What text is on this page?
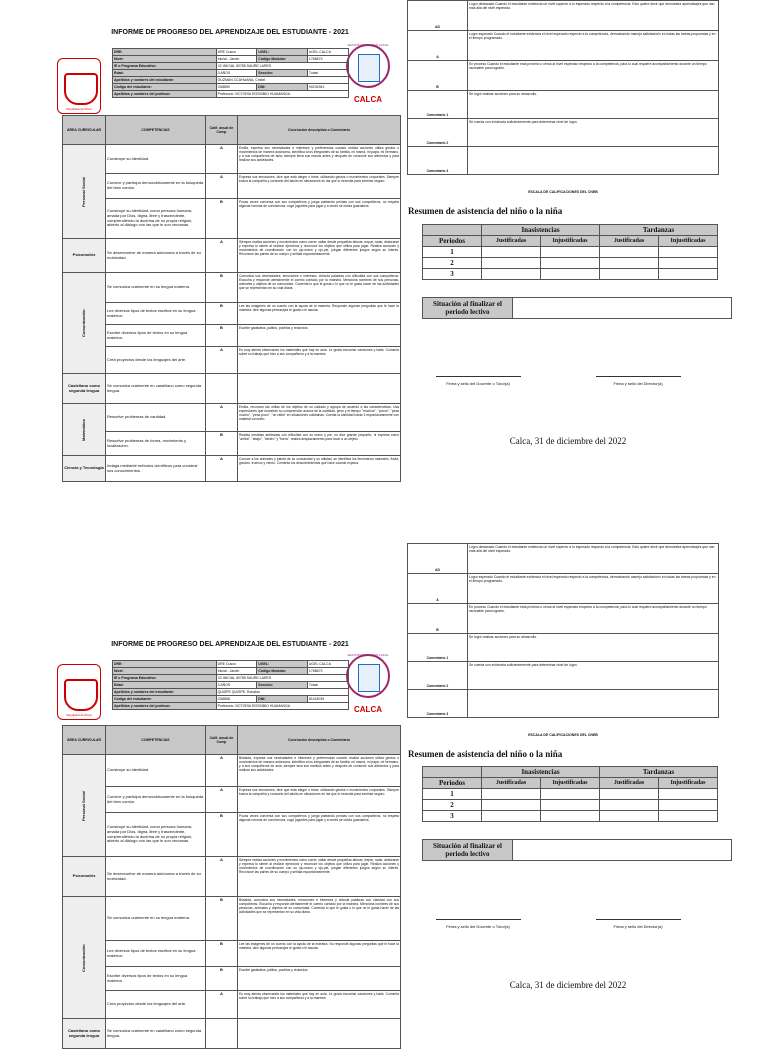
INFORME DE PROGRESO DEL APRENDIZAJE DEL ESTUDIANTE - 2021
República del Perú
GESTIÓN EDUCATIVA LOCAL
CALCA
DRE:	DRE Cusco	UGEL:	UGEL CALCA
Nivel:	Inicial - Jardín	Código Modular:	1768673
IE o Programa Educativo:	I.E.INICIAL 50785 SAURE LARES		
Edad:	3 AÑOS	Sección:	Tulasi
Apellidos y nombres del estudiante:	GUZMAN CCAHUANA, Cristel		
Código del estudiante:	C68859	DNI:	90234941
Apellidos y nombres del profesor:	Profesora: VICTORIA ROSSIBIO HUAMANGA		
ÁREA CURRICULAR	COMPETENCIAS	Calif. anual de Comp	Conclusión descriptiva o Comentario
Personal Social	Construye su identidad.	A	Emilia, expresa sus necesidades e intereses y preferencias cuando realiza acciones utiliza gestos o movimientos de manera autónoma, identifica a los integrantes de su familia, mi mamá, mi papá, mi hermano, y a sus compañeros de aula, siempre lleva sus manos antes y después de consumir sus alimentos y para realizar sus actividades.
	Convive y participa democráticamente en la búsqueda del bien común.	A	Expresa sus emociones, dice que está alegre o triste, utilizando gestos o movimientos corporales. Siempre busca la compañía y consuelo del adulto en situaciones en las que lo necesita para sentirse seguro.
	Construye su identidad, como persona humana, amada por Dios, digna, libre y trascendente, comprendiendo la doctrina de su propia religión, abierto al diálogo con las que le son cercanas.	B	Pocas veces conversa con sus compañeros y juega pateando pelotas con sus compañeros, no respeta algunas normas de convivencia, coge juguetes para jugar y a veces se olvida guardarlos.
Psicomotriz	Se desenvuelve de manera autónoma a través de su motricidad.	A	Siempre realiza acciones y movimientos como correr, saltar desde pequeñas alturas, trepar, rodar, deslizarse y expresa lo siente al realizar ejercicios y reconoce los objetos que utiliza para jugar. Realiza acciones y movimientos de coordinación con su ojo-mano y ojo-pie, juegan diferentes juegos según su interés. Reconoce las partes de su cuerpo y señala espontáneamente.
Comunicación	Se comunica oralmente en su lengua materna.	B	Comunica sus necesidades, emociones e intereses. Articula palabras con dificultad con sus compañeros. Escucha y responde atentamente el cuento contado por la maestra. Menciona nombres de sus personas, animales y objetos de su comunidad. Comenta lo que le gusta o lo que no le gusta hacer de las actividades que se representan en su vida diaria.
	Lee diversos tipos de textos escritos en su lengua materna.	B	Lee las imágenes de un cuento con la ayuda de la maestra. Responde algunas preguntas que le hace la maestra. dice algunas personajes le gusta o le asusta.
	Escribe diversos tipos de textos en su lengua materna.	B	Escribe garabatos, palitos, puntitos y redondos
	Crea proyectos desde los lenguajes del arte.	A	Es muy atenta observando los materiales que hay en aula. Le gusta escuchar canciones y baila. Comenta sobre su trabajo que hizo a sus compañeros y a la maestra
Castellano como segunda lengua	Se comunica oralmente en castellano como segunda lengua.		
Matemática	Resuelve problemas de cantidad.	A	Emilia, reconoce las orillas de los objetos de su cuidado y agrupa de acuerdo a las características. Usa expresiones que muestran su comprensión acerca de la cantidad, peso y el tiempo "muchos", "pocos", "pesa mucho", "pesa poco", "un ratito" en situaciones cotidianas. Cuenta la cantidad hasta 3 espontáneamente con material concreto.
	Resuelve problemas de forma, movimiento y localización.	B	Realiza medidas arbitrarias con dificultad con su mano y pie, no dice grande pequeño, ni expresa como "arriba", "abajo", "dentro" y "fuera", realiza desplazamiento para tocar a un objeto.
Ciencia y Tecnología	Indaga mediante métodos científicos para construir sus conocimientos.	A	Conoce a los animales y planta de su comunidad y su utilidad, se identifica los fenómenos naturales, lluvia, granizo, truenos y viento. Comenta los descubrimientos que hace cuando explora.
AD	Logro destacado Cuando el estudiante evidencia un nivel superior a lo esperado respecto a la competencia. Esto quiere decir que demuestra aprendizajes que van más allá del nivel esperado.
A	Logro esperado Cuando el estudiante evidencia el nivel esperado respecto a la competencia, demostrando manejo satisfactorio en todas las tareas propuestas y en el tiempo programado.
B	En proceso Cuando el estudiante está próximo o cerca al nivel esperado respecto a la competencia, para lo cual requiere acompañamiento durante un tiempo razonable para lograrlo.
Comentario 1	Se logró realizar acciones para su desarrollo.
Comentario 2	Se cuenta con evidencia suficientemente para determinar nivel de logro.
Comentario 3	
ESCALA DE CALIFICACIONES DEL CNEB
Resumen de asistencia del niño o la niña
	Inasistencias		Tardanzas	
Periodos	Justificadas	Injustificadas	Justificadas	Injustificadas
1				
2				
3				
Situación al finalizar el periodo lectivo	
Firma y sello del Docente o Tutor(a)	Firma y sello del Director(a)
Calca, 31 de diciembre del 2022
INFORME DE PROGRESO DEL APRENDIZAJE DEL ESTUDIANTE - 2021
República del Perú
GESTIÓN EDUCATIVA LOCAL
CALCA
DRE:	DRE Cusco	UGEL:	UGEL CALCA
Nivel:	Inicial - Jardín	Código Modular:	1768673
IE o Programa Educativo:	I.E.INICIAL 50785 SAURE LARES		
Edad:	3 AÑOS	Sección:	Tulasi
Apellidos y nombres del estudiante:	QUISPE QUISPE, Ronaldo		
Código del estudiante:	C68858	DNI:	81163035
Apellidos y nombres del profesor:	Profesora: VICTORIA ROSSIBIO HUAMANGA		
ÁREA CURRICULAR	COMPETENCIAS	Calif. anual de Comp	Conclusión descriptiva o Comentario
Personal Social	Construye su identidad.	A	Brisaida, expresa sus necesidades e intereses y preferencias cuando realiza acciones utiliza gestos o movimientos de manera autónoma, identifica a los integrantes de su familia, mi mamá, mi papá, mi hermano, y a sus compañeros de aula, siempre lava sus manitos antes y después de consumir sus alimentos y para realizar sus actividades.
	Convive y participa democráticamente en la búsqueda del bien común.	A	Expresa sus emociones, dice que está alegre o triste, utilizando gestos o movimientos corporales. Siempre busca la compañía y consuelo del adulto en situaciones en las que lo necesita para sentirse seguro.
	Construye su identidad, como persona humana, amada por Dios, digna, libre y trascendente, comprendiendo la doctrina de su propia religión, abierto al diálogo con las que le son cercanas.	B	Pocas veces conversa con sus compañeros y juega pateando pelotas con sus compañeros, no respeta algunas normas de convivencia, coge juguetes para jugar y a veces se olvida guardarlos.
Psicomotriz	Se desenvuelve de manera autónoma a través de su motricidad.	A	Siempre realiza acciones y movimientos como correr, saltar desde pequeñas alturas, trepar, rodar, deslizarse y expresa lo siente al realizar ejercicios y reconoce los objetos que utiliza para jugar. Realiza acciones y movimientos de coordinación con su ojo-mano y ojo-pie, juegan diferentes juegos según su interés. Reconoce las partes de su cuerpo y señala espontáneamente.
Comunicación	Se comunica oralmente en su lengua materna.	B	Brisaida, comunica sus necesidades, emociones e intereses y articula palabras con claridad con sus compañeras. Escucha y responde atentamente el cuento contado por la maestra. Menciona nombres de sus personas, animales y objetos de su comunidad. Comenta lo que le gusta o lo que no le gusta hacer de las actividades que se representan en su vida diaria.
	Lee diversos tipos de textos escritos en su lengua materna.	B	Lee las imágenes de un cuento con la ayuda de la maestra. No responde algunas preguntas que le hace la maestra. dice algunas personajes le gusta o le asusta.
	Escribe diversos tipos de textos en su lengua materna.	B	Escribe garabatos, palitos, puntitos y redondos
	Crea proyectos desde los lenguajes del arte.	A	Es muy atenta observando los materiales que hay en aula. Le gusta escuchar canciones y baila. Comenta sobre su trabajo que hizo a sus compañeros y a la maestra
Castellano como segunda lengua	Se comunica oralmente en castellano como segunda lengua.		
AD	Logro destacado Cuando el estudiante evidencia un nivel superior a lo esperado respecto a la competencia. Esto quiere decir que demuestra aprendizajes que van más allá del nivel esperado.
A	Logro esperado Cuando el estudiante evidencia el nivel esperado respecto a la competencia, demostrando manejo satisfactorio en todas las tareas propuestas y en el tiempo programado.
B	En proceso Cuando el estudiante está próximo o cerca al nivel esperado respecto a la competencia, para lo cual requiere acompañamiento durante un tiempo razonable para lograrlo.
Comentario 1	Se logró realizar acciones para su desarrollo.
Comentario 2	Se cuenta con evidencia suficientemente para determinar nivel de logro.
Comentario 3	
ESCALA DE CALIFICACIONES DEL CNEB
Resumen de asistencia del niño o la niña
	Inasistencias		Tardanzas	
Periodos	Justificadas	Injustificadas	Justificadas	Injustificadas
1				
2				
3				
Situación al finalizar el periodo lectivo	
Firma y sello del Docente o Tutor(a)	Firma y sello del Director(a)
Calca, 31 de diciembre del 2022
